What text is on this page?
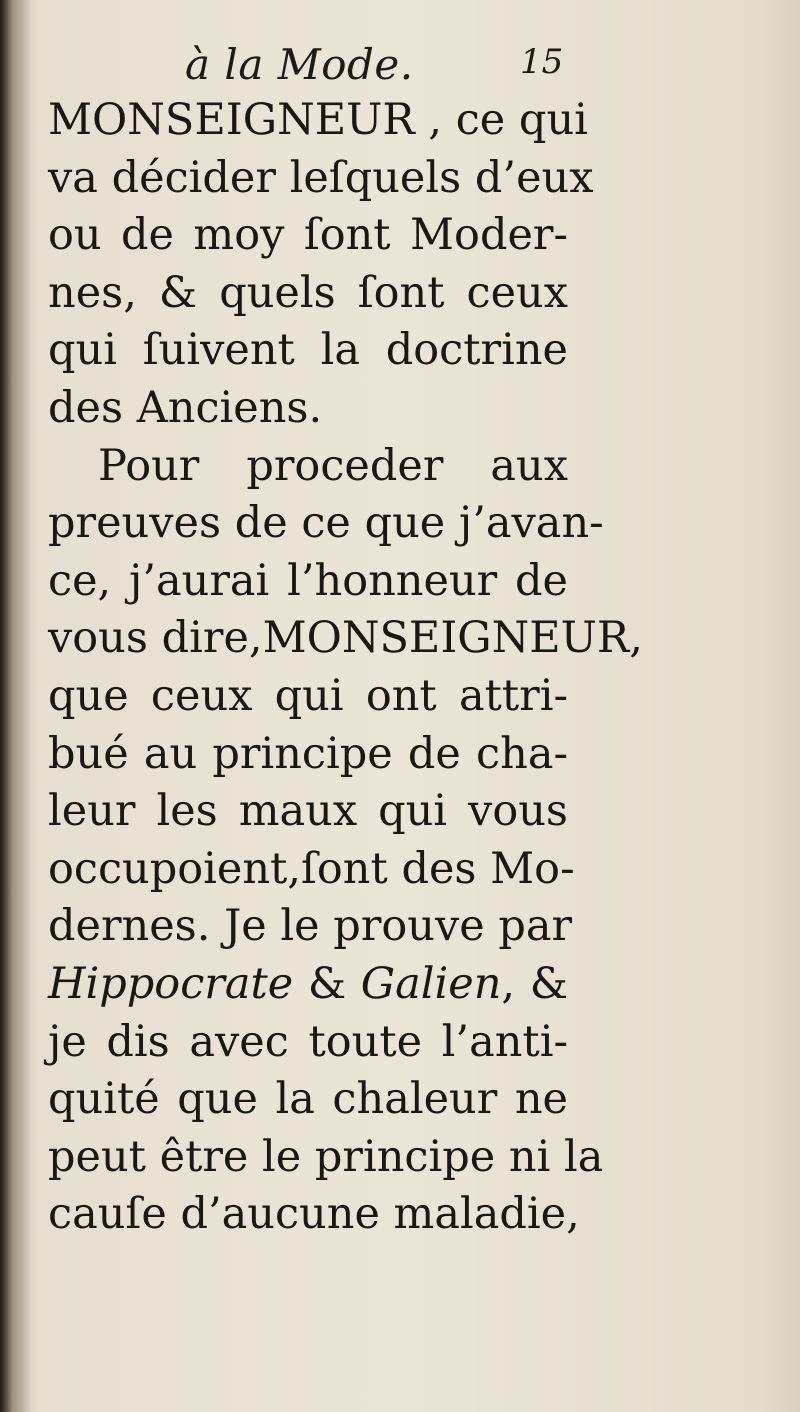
à la Mode.	15
MONSEIGNEUR , ce qui
va décider leſquels d’eux
ou de moy ſont Moder-
nes, & quels ſont ceux
qui ſuivent la doctrine
des Anciens.
Pour proceder aux
preuves de ce que j’avan-
ce, j’aurai l’honneur de
vous dire,MONSEIGNEUR,
que ceux qui ont attri-
bué au principe de cha-
leur les maux qui vous
occupoient,ſont des Mo-
dernes. Je le prouve par
Hippocrate & Galien, &
je dis avec toute l’anti-
quité que la chaleur ne
peut être le principe ni la
cauſe d’aucune maladie,
